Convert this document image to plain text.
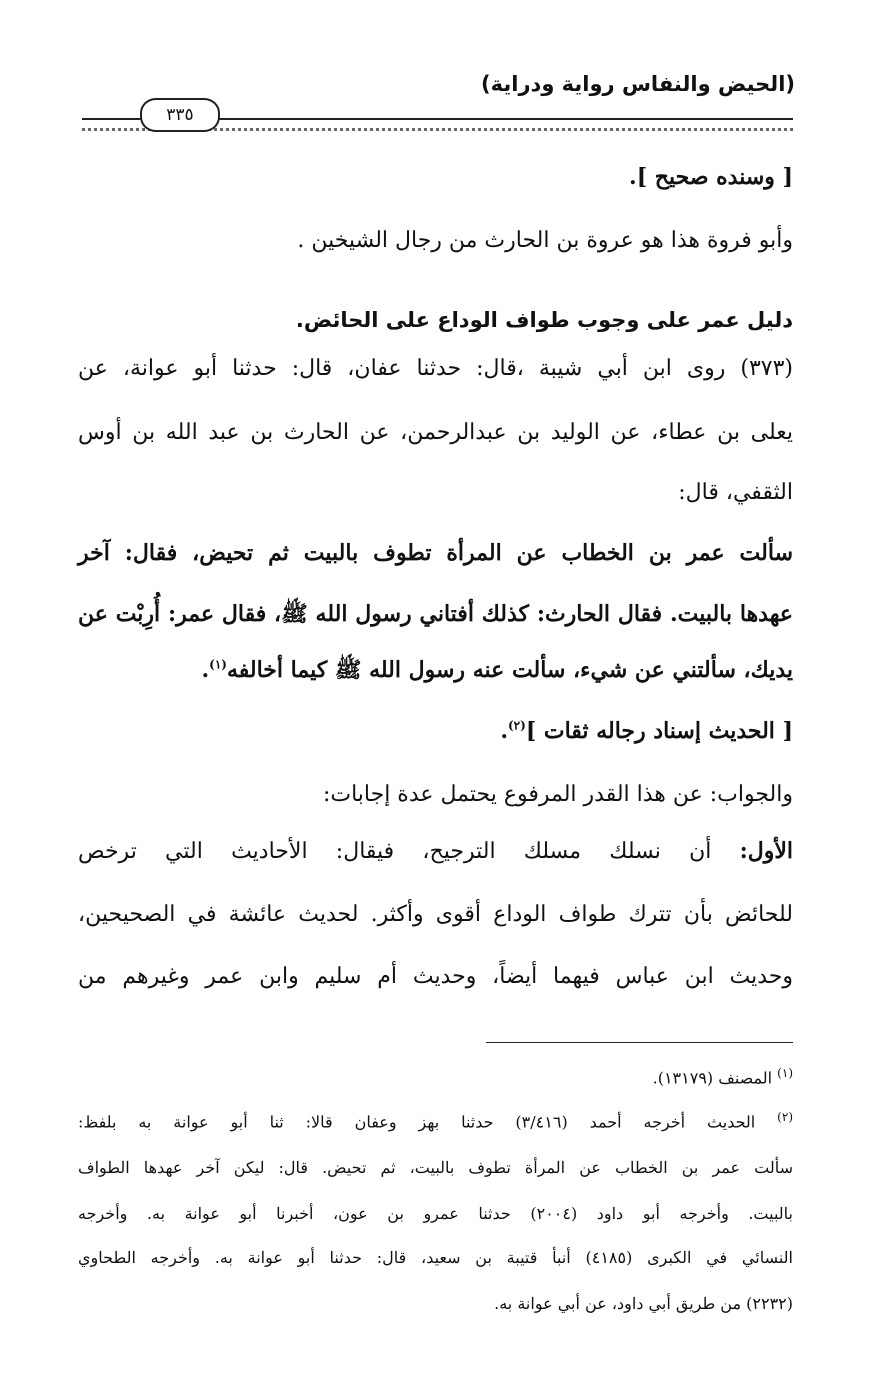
(الحيض والنفاس رواية ودراية)
٣٣٥
[ وسنده صحيح ].
وأبو فروة هذا هو عروة بن الحارث من رجال الشيخين .
دليل عمر على وجوب طواف الوداع على الحائض.
(٣٧٣) روى ابن أبي شيبة ،قال: حدثنا عفان، قال: حدثنا أبو عوانة، عن
يعلى بن عطاء، عن الوليد بن عبدالرحمن، عن الحارث بن عبد الله بن أوس
الثقفي، قال:
سألت عمر بن الخطاب عن المرأة تطوف بالبيت ثم تحيض، فقال: آخر
عهدها بالبيت. فقال الحارث: كذلك أفتاني رسول الله ﷺ، فقال عمر: أُرِبْت عن
يديك، سألتني عن شيء، سألت عنه رسول الله ﷺ كيما أخالفه$^{(١)}$.
[ الحديث إسناد رجاله ثقات ]$^{(٢)}$.
والجواب: عن هذا القدر المرفوع يحتمل عدة إجابات:
الأول: أن نسلك مسلك الترجيح، فيقال: الأحاديث التي ترخص
للحائض بأن تترك طواف الوداع أقوى وأكثر. لحديث عائشة في الصحيحين،
وحديث ابن عباس فيهما أيضاً، وحديث أم سليم وابن عمر وغيرهم من
$^{(١)}$ المصنف (١٣١٧٩).
$^{(٢)}$ الحديث أخرجه أحمد (٣/٤١٦) حدثنا بهز وعفان قالا: ثنا أبو عوانة به بلفظ:
سألت عمر بن الخطاب عن المرأة تطوف بالبيت، ثم تحيض. قال: ليكن آخر عهدها الطواف
بالبيت. وأخرجه أبو داود (٢٠٠٤) حدثنا عمرو بن عون، أخبرنا أبو عوانة به. وأخرجه
النسائي في الكبرى (٤١٨٥) أنبأ قتيبة بن سعيد، قال: حدثنا أبو عوانة به. وأخرجه الطحاوي
(٢٢٣٢) من طريق أبي داود، عن أبي عوانة به.
